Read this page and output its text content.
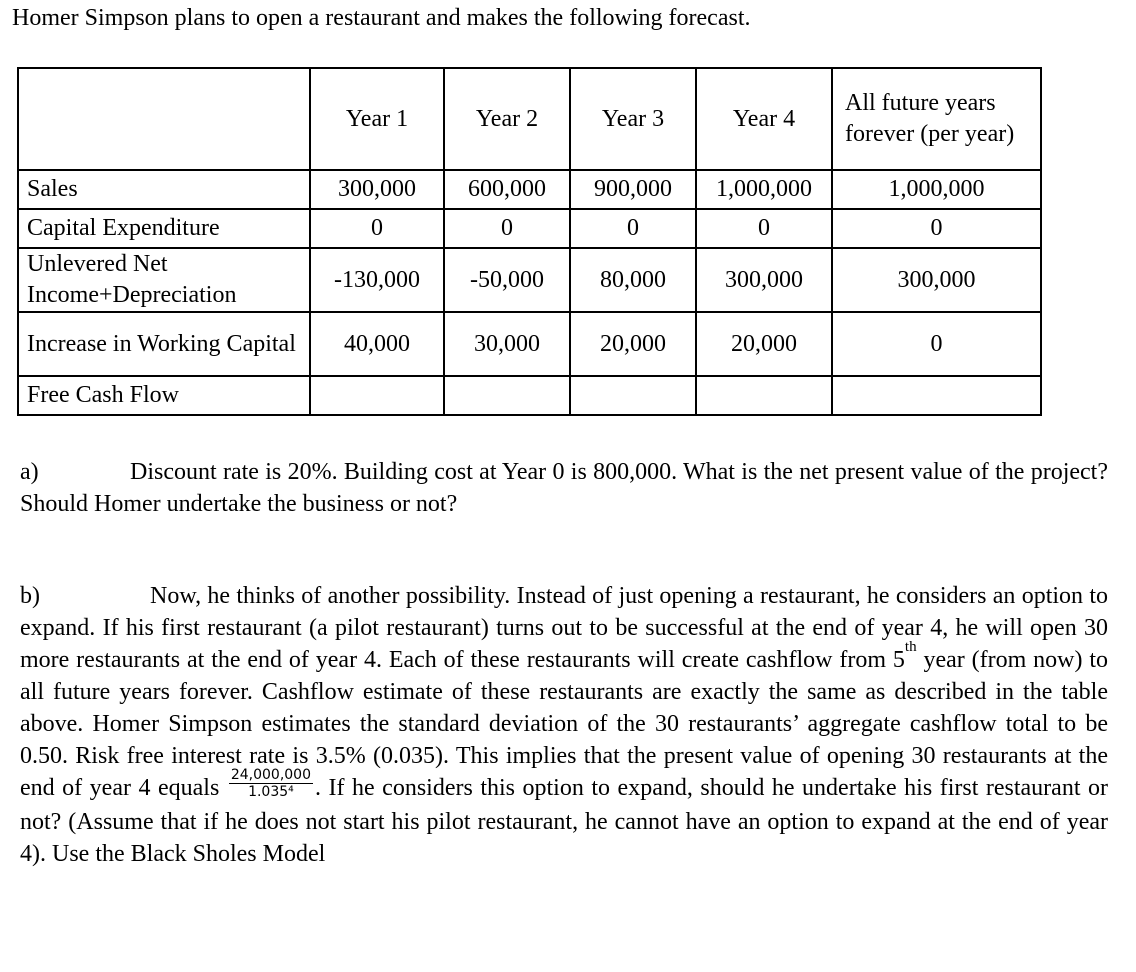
Homer Simpson plans to open a restaurant and makes the following forecast.
	Year 1	Year 2	Year 3	Year 4	All future years forever (per year)
Sales	300,000	600,000	900,000	1,000,000	1,000,000
Capital Expenditure	0	0	0	0	0
Unlevered Net Income+Depreciation	-130,000	-50,000	80,000	300,000	300,000
Increase in Working Capital	40,000	30,000	20,000	20,000	0
Free Cash Flow					
a)	Discount rate is 20%. Building cost at Year 0 is 800,000. What is the net present value of the project? Should Homer undertake the business or not?
b)	Now, he thinks of another possibility. Instead of just opening a restaurant, he considers an option to expand. If his first restaurant (a pilot restaurant) turns out to be successful at the end of year 4, he will open 30 more restaurants at the end of year 4. Each of these restaurants will create cashflow from 5th year (from now) to all future years forever. Cashflow estimate of these restaurants are exactly the same as described in the table above. Homer Simpson estimates the standard deviation of the 30 restaurants’ aggregate cashflow total to be 0.50. Risk free interest rate is 3.5% (0.035). This implies that the present value of opening 30 restaurants at the end of year 4 equals $\frac{24,000,000}{\text{1.035⁴}}$ . If he considers this option to expand, should he undertake his first restaurant or not? (Assume that if he does not start his pilot restaurant, he cannot have an option to expand at the end of year 4). Use the Black Sholes Model
